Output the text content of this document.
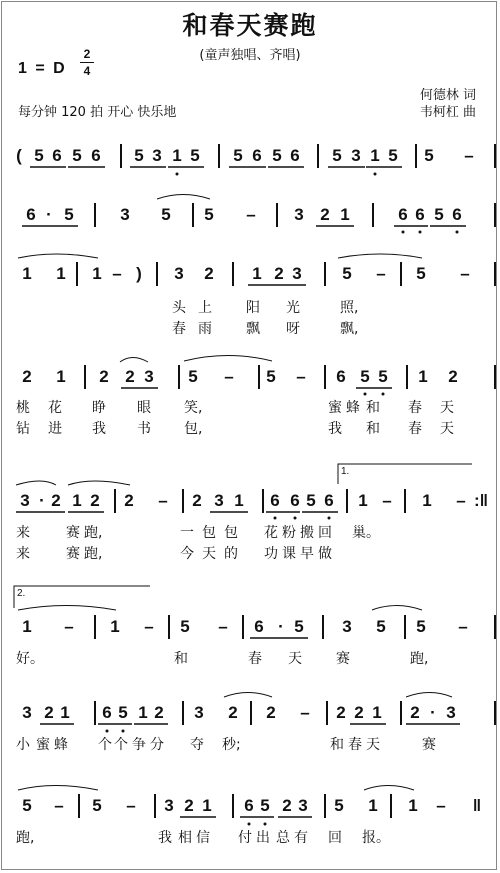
和春天赛跑
(童声独唱、齐唱)
1 = D
2
4
何德林 词
韦柯杠 曲
每分钟 120 拍 开心 快乐地
1.
2.
( 5 6 5 6 5 3 1 5 5 6 5 6 5 3 1 5 5 –
6 · 5	3 5 5 – 3 2 1	6 6 5 6
1 1 1 – )	3 2 1 2 3 5 – 5 –
2 1 2 2 3 5 – 5 – 6 5 5 1 2
3 · 2 1 2 2 – 2 3 1 6 6 5 6 1 – 1 – :‖
1 – 1 – 5 – 6 · 5 3 5 5 –
3 2 1 6 5 1 2 3 2 2 – 2 2 1 2 · 3
5 – 5 – 3 2 1 6 5 2 3 5 1 1 – ‖
头 上 阳 光	照,
春 雨 飘 呀	飘,
桃 花 睁 眼 笑,	蜜 蜂 和 春 天
钻 进 我 书 包,	我 和 春 天
来	赛 跑,	一 包 包 花 粉 搬 回 巢。
来	赛 跑,	今 天 的 功 课 早 做
好。	和	春 天 赛	跑,
小 蜜 蜂 个 个 争 分 夺 秒;	和 春 天	赛
跑,	我 相 信 付 出 总 有 回 报。
